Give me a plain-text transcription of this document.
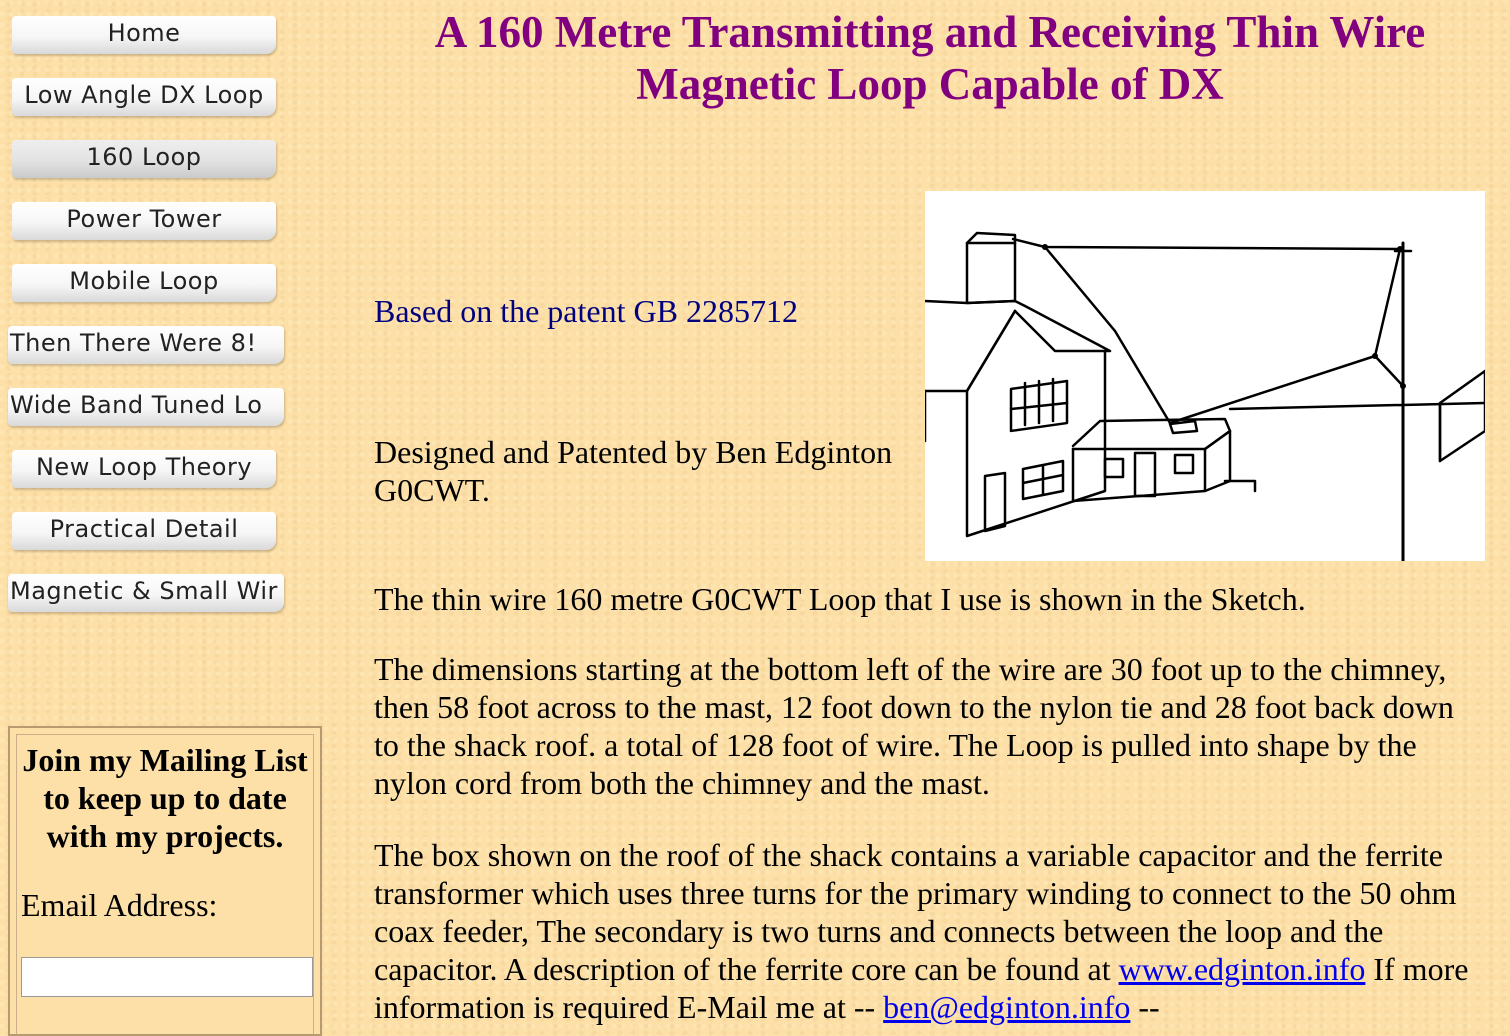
Home
Low Angle DX Loop
160 Loop
Power Tower
Mobile Loop
Then There Were 8!
Wide Band Tuned Lo
New Loop Theory
Practical Detail
Magnetic & Small Wir
Join my Mailing List to keep up to date with my projects.
Email Address:
A 160 Metre Transmitting and Receiving Thin Wire Magnetic Loop Capable of DX
Based on the patent GB 2285712
Designed and Patented by Ben Edginton G0CWT.
The thin wire 160 metre G0CWT Loop that I use is shown in the Sketch.
The dimensions starting at the bottom left of the wire are 30 foot up to the chimney, then 58 foot across to the mast, 12 foot down to the nylon tie and 28 foot back down to the shack roof. a total of 128 foot of wire. The Loop is pulled into shape by the nylon cord from both the chimney and the mast.
The box shown on the roof of the shack contains a variable capacitor and the ferrite transformer which uses three turns for the primary winding to connect to the 50 ohm coax feeder, The secondary is two turns and connects between the loop and the capacitor. A description of the ferrite core can be found at www.edginton.info If more information is required E-Mail me at -- ben@edginton.info --
